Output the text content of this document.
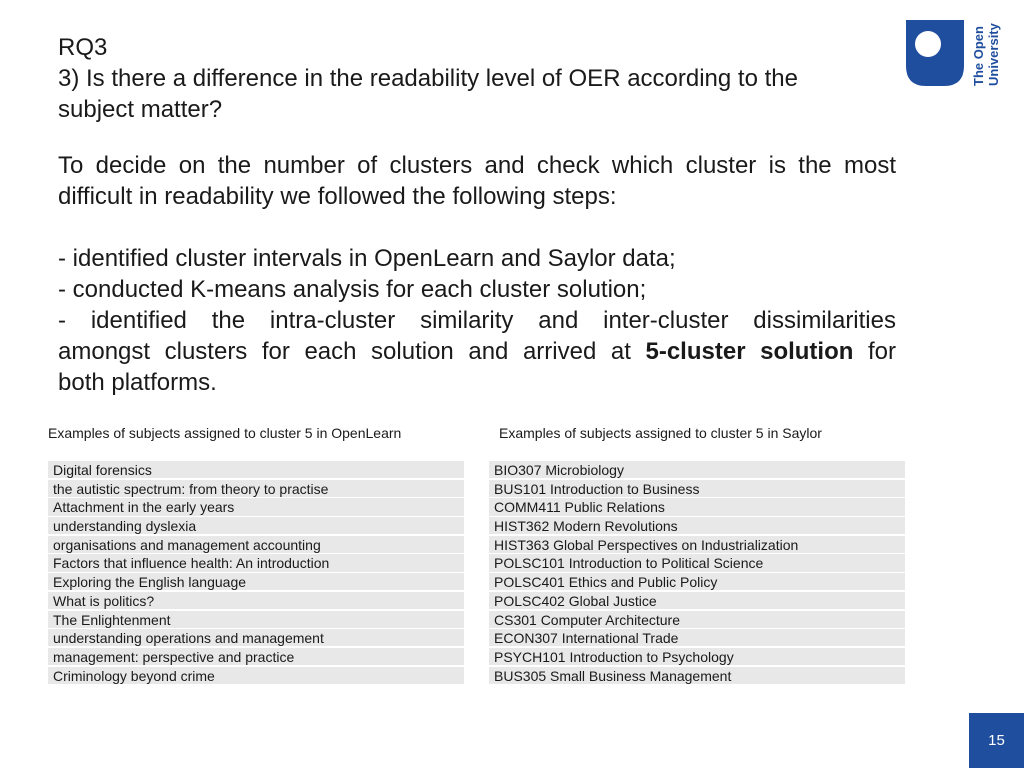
RQ3
3) Is there a difference in the readability level of OER according to the
subject matter?
The Open University
To decide on the number of clusters and check which cluster is the most difficult in readability we followed the following steps:
- identified cluster intervals in OpenLearn and Saylor data;
- conducted K-means analysis for each cluster solution;
- identified the intra-cluster similarity and inter-cluster dissimilarities
amongst clusters for each solution and arrived at 5-cluster solution for
both platforms.
Examples of subjects assigned to cluster 5 in OpenLearn	Examples of subjects assigned to cluster 5 in Saylor
Digital forensics
the autistic spectrum: from theory to practise
Attachment in the early years
understanding dyslexia
organisations and management accounting
Factors that influence health: An introduction
Exploring the English language
What is politics?
The Enlightenment
understanding operations and management
management: perspective and practice
Criminology beyond crime
BIO307 Microbiology
BUS101 Introduction to Business
COMM411 Public Relations
HIST362 Modern Revolutions
HIST363 Global Perspectives on Industrialization
POLSC101 Introduction to Political Science
POLSC401 Ethics and Public Policy
POLSC402 Global Justice
CS301 Computer Architecture
ECON307 International Trade
PSYCH101 Introduction to Psychology
BUS305 Small Business Management
15
